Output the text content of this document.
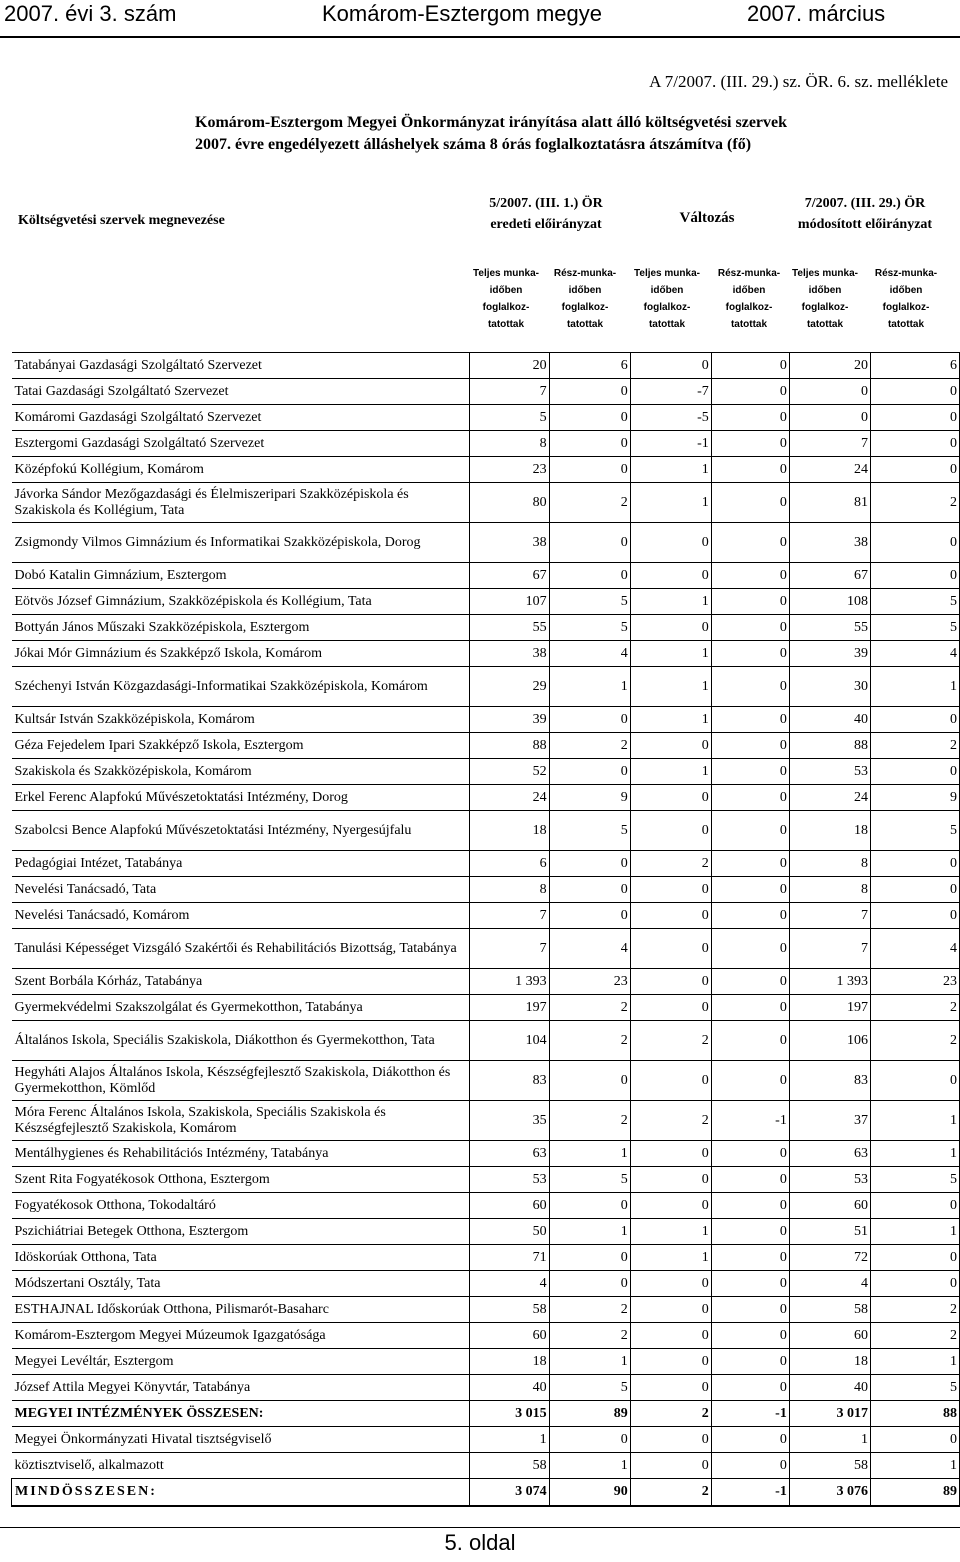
2007. évi 3. szám	Komárom-Esztergom megye	2007. március
A 7/2007. (III. 29.) sz. ÖR. 6. sz. melléklete
Komárom-Esztergom Megyei Önkormányzat irányítása alatt álló költségvetési szervek
2007. évre engedélyezett álláshelyek száma 8 órás foglalkoztatásra átszámítva (fő)
Költségvetési szervek megnevezése
5/2007. (III. 1.) ÖR
eredeti előirányzat	Változás
7/2007. (III. 29.) ÖR
módosított előirányzat
Teljes munka-
időben
foglalkoz-
tatottak
Rész-munka-
időben
foglalkoz-
tatottak
Teljes munka-
időben
foglalkoz-
tatottak
Rész-munka-
időben
foglalkoz-
tatottak
Teljes munka-
időben
foglalkoz-
tatottak
Rész-munka-
időben
foglalkoz-
tatottak
Tatabányai Gazdasági Szolgáltató Szervezet	20	6	0	0	20	6
Tatai Gazdasági Szolgáltató Szervezet	7	0	-7	0	0	0
Komáromi Gazdasági Szolgáltató Szervezet	5	0	-5	0	0	0
Esztergomi Gazdasági Szolgáltató Szervezet	8	0	-1	0	7	0
Középfokú Kollégium, Komárom	23	0	1	0	24	0
Jávorka Sándor Mezőgazdasági és Élelmiszeripari Szakközépiskola és Szakiskola és Kollégium, Tata	80	2	1	0	81	2
Zsigmondy Vilmos Gimnázium és Informatikai Szakközépiskola, Dorog	38	0	0	0	38	0
Dobó Katalin Gimnázium, Esztergom	67	0	0	0	67	0
Eötvös József Gimnázium, Szakközépiskola és Kollégium, Tata	107	5	1	0	108	5
Bottyán János Műszaki Szakközépiskola, Esztergom	55	5	0	0	55	5
Jókai Mór Gimnázium és Szakképző Iskola, Komárom	38	4	1	0	39	4
Széchenyi István Közgazdasági-Informatikai Szakközépiskola, Komárom	29	1	1	0	30	1
Kultsár István Szakközépiskola, Komárom	39	0	1	0	40	0
Géza Fejedelem Ipari Szakképző Iskola, Esztergom	88	2	0	0	88	2
Szakiskola és Szakközépiskola, Komárom	52	0	1	0	53	0
Erkel Ferenc Alapfokú Művészetoktatási Intézmény, Dorog	24	9	0	0	24	9
Szabolcsi Bence Alapfokú Művészetoktatási Intézmény, Nyergesújfalu	18	5	0	0	18	5
Pedagógiai Intézet, Tatabánya	6	0	2	0	8	0
Nevelési Tanácsadó, Tata	8	0	0	0	8	0
Nevelési Tanácsadó, Komárom	7	0	0	0	7	0
Tanulási Képességet Vizsgáló Szakértői és Rehabilitációs Bizottság, Tatabánya	7	4	0	0	7	4
Szent Borbála Kórház, Tatabánya	1 393	23	0	0	1 393	23
Gyermekvédelmi Szakszolgálat és Gyermekotthon, Tatabánya	197	2	0	0	197	2
Általános Iskola, Speciális Szakiskola, Diákotthon és Gyermekotthon, Tata	104	2	2	0	106	2
Hegyháti Alajos Általános Iskola, Készségfejlesztő Szakiskola, Diákotthon és Gyermekotthon, Kömlőd	83	0	0	0	83	0
Móra Ferenc Általános Iskola, Szakiskola, Speciális Szakiskola és Készségfejlesztő Szakiskola, Komárom	35	2	2	-1	37	1
Mentálhygienes és Rehabilitációs Intézmény, Tatabánya	63	1	0	0	63	1
Szent Rita Fogyatékosok Otthona, Esztergom	53	5	0	0	53	5
Fogyatékosok Otthona, Tokodaltáró	60	0	0	0	60	0
Pszichiátriai Betegek Otthona, Esztergom	50	1	1	0	51	1
Idöskorúak Otthona, Tata	71	0	1	0	72	0
Módszertani Osztály, Tata	4	0	0	0	4	0
ESTHAJNAL Időskorúak Otthona, Pilismarót-Basaharc	58	2	0	0	58	2
Komárom-Esztergom Megyei Múzeumok Igazgatósága	60	2	0	0	60	2
Megyei Levéltár, Esztergom	18	1	0	0	18	1
József Attila Megyei Könyvtár, Tatabánya	40	5	0	0	40	5
MEGYEI INTÉZMÉNYEK ÖSSZESEN:	3 015	89	2	-1	3 017	88
Megyei Önkormányzati Hivatal tisztségviselő	1	0	0	0	1	0
köztisztviselő, alkalmazott	58	1	0	0	58	1
MINDÖSSZESEN:	3 074	90	2	-1	3 076	89
5. oldal
